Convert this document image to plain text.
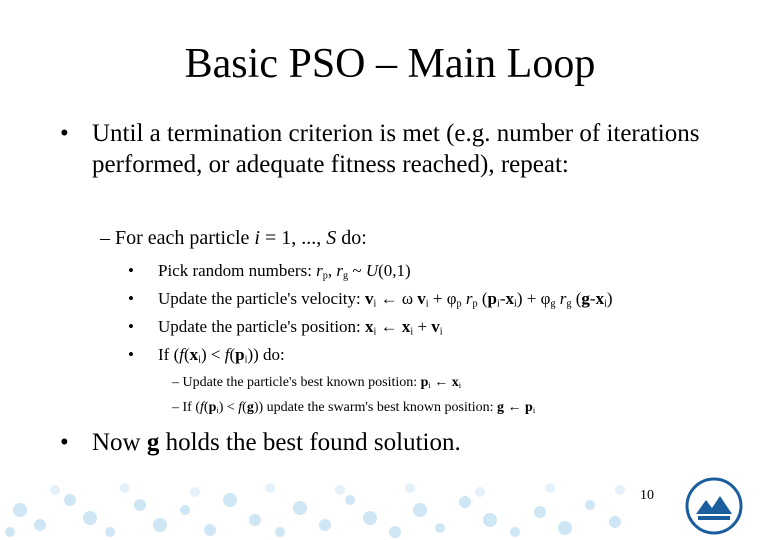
Basic PSO – Main Loop
• Until a termination criterion is met (e.g. number of iterations performed, or adequate fitness reached), repeat:
– For each particle i = 1, ..., S do:
• Pick random numbers: $r_p$, $r_g$ ~ U(0,1)
• Update the particle's velocity: $v_i$ ← ω $v_i + \varphi_p$ $r_p$ $(p_i-x_i) + \varphi_g$ $r_g$ $(g-x_i)$
• Update the particle's position: $x_i$ ← $x_i + v_i$
• If $(f(x_i) < f(p_i))$ do:
– Update the particle's best known position: $p_i$ ← $x_i$
– If $(f(p_i) < f(g))$ update the swarm's best known position: g ← $p_i$
• Now g holds the best found solution.
10
